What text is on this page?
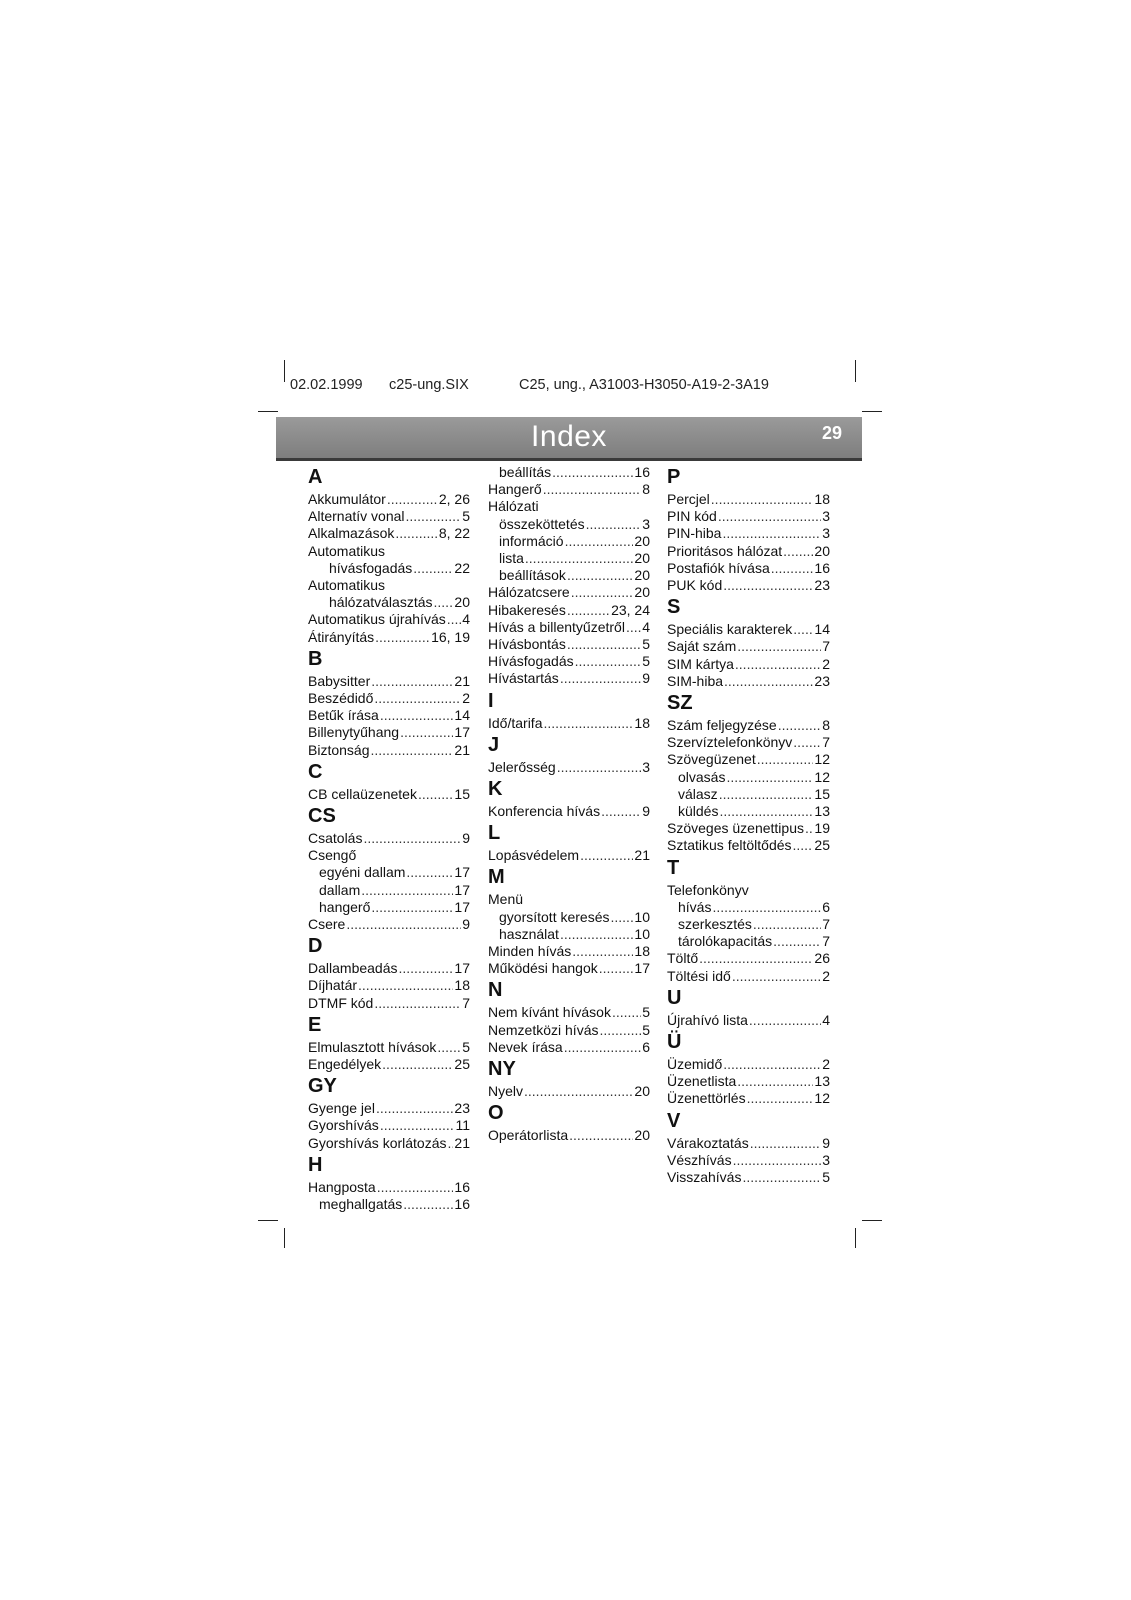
02.02.1999 c25-ung.SIX	C25, ung., A31003-H3050-A19-2-3A19
Index	29
A
Akkumulátor .....	2, 26
Alternatív vonal .....	5
Alkalmazások .....	8, 22
Automatikus
hívásfogadás .....	22
Automatikus
hálózatválasztás ..... 20
Automatikus újrahívás ..... 4
Átirányítás .....	16, 19
B
Babysitter .....	21
Beszédidő .....	2
Betűk írása .....	14
Billenytyűhang .....	17
Biztonság .....	21
C
CB cellaüzenetek .....	15
CS
Csatolás .....	9
Csengő
egyéni dallam .....	17
dallam .....	17
hangerő .....	17
Csere .....	9
D
Dallambeadás .....	17
Díjhatár .....	18
DTMF kód .....	7
E
Elmulasztott hívások ..... 5
Engedélyek .....	25
GY
Gyenge jel .....	23
Gyorshívás .....	11
Gyorshívás korlátozás ..... 21
H
Hangposta .....	16
meghallgatás .....	16
beállítás .....	16
Hangerő .....	8
Hálózati
összeköttetés .....	3
információ .....	20
lista .....	20
beállítások .....	20
Hálózatcsere .....	20
Hibakeresés .....	23, 24
Hívás a billentyűzetről ..... 4
Hívásbontás .....	5
Hívásfogadás .....	5
Hívástartás .....	9
I
Idő/tarifa .....	18
J
Jelerősség .....	3
K
Konferencia hívás .....	9
L
Lopásvédelem .....	21
M
Menü
gyorsított keresés ..... 10
használat .....	10
Minden hívás .....	18
Működési hangok .....	17
N
Nem kívánt hívások ..... 5
Nemzetközi hívás .....	5
Nevek írása .....	6
NY
Nyelv .....	20
O
Operátorlista .....	20
P
Percjel .....	18
PIN kód .....	3
PIN-hiba .....	3
Prioritásos hálózat ..... 20
Postafiók hívása .....	16
PUK kód .....	23
S
Speciális karakterek ..... 14
Saját szám .....	7
SIM kártya .....	2
SIM-hiba .....	23
SZ
Szám feljegyzése .....	8
Szervíztelefonkönyv ..... 7
Szövegüzenet .....	12
olvasás .....	12
válasz .....	15
küldés .....	13
Szöveges üzenettipus ..... 19
Sztatikus feltöltődés ..... 25
T
Telefonkönyv
hívás .....	6
szerkesztés .....	7
tárolókapacitás .....	7
Töltő .....	26
Töltési idő .....	2
U
Újrahívó lista .....	4
Ü
Üzemidő .....	2
Üzenetlista .....	13
Üzenettörlés .....	12
V
Várakoztatás .....	9
Vészhívás .....	3
Visszahívás .....	5
